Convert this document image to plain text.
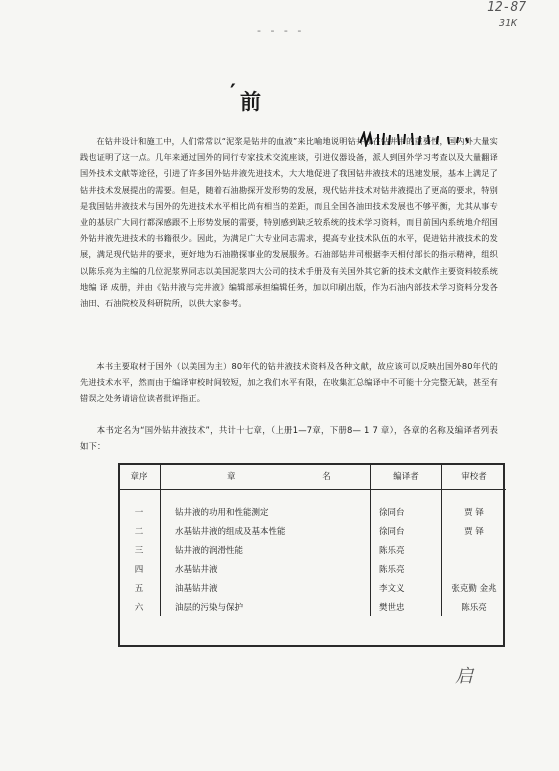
12-87
31K
- - - -
′ 前
在钻井设计和施工中，人们常常以“泥浆是钻井的血液”来比喻地说明钻井液在钻井中的重要性，国内外大量实践也证明了这一点。几年来通过国外的同行专家技术交流座谈，引进仪器设备，派人到国外学习考查以及大量翻译国外技术文献等途径，引进了许多国外钻井液先进技术，大大地促进了我国钻井液技术的迅速发展，基本上满足了钻井技术发展提出的需要。但是，随着石油勘探开发形势的发展，现代钻井技术对钻井液提出了更高的要求，特别是我国钻井液技术与国外的先进技术水平相比尚有相当的差距，而且全国各油田技术发展也不够平衡，尤其从事专业的基层广大同行都深感跟不上形势发展的需要，特别感到缺乏较系统的技术学习资料，而目前国内系统地介绍国外钻井液先进技术的书籍很少。因此，为满足广大专业同志需求，提高专业技术队伍的水平，促进钻井液技术的发展，满足现代钻井的要求，更好地为石油勘探事业的发展服务。石油部钻井司根据李天相付部长的指示精神，组织以陈乐亮为主编的几位泥浆界同志以美国泥浆四大公司的技术手册及有关国外其它新的技术文献作主要资料较系统地编 译 成册，并由《钻井液与完井液》编辑部承担编辑任务，加以印刷出版，作为石油内部技术学习资料分发各油田、石油院校及科研院所，以供大家参考。
本书主要取材于国外（以美国为主）80年代的钻井液技术资料及各种文献，故应该可以反映出国外80年代的先进技术水平，然而由于编译审校时间较短，加之我们水平有限，在收集汇总编译中不可能十分完整无缺，甚至有错误之处务请谙位读者批评指正。
本书定名为“国外钻井液技术”，共计十七章，（上册1—7章，下册8— 1 7 章），各章的名称及编译者列表如下：
章序	章 名	编译者	审校者
一	钻井液的功用和性能测定	徐同台	贾 铎
二	水基钻井液的组成及基本性能	徐同台	贾 铎
三	钻井液的润滑性能	陈乐亮	
四	水基钻井液	陈乐亮	
五	油基钻井液	李文义	张克勤 金兆
六	油层的污染与保护	樊世忠	陈乐亮
启
